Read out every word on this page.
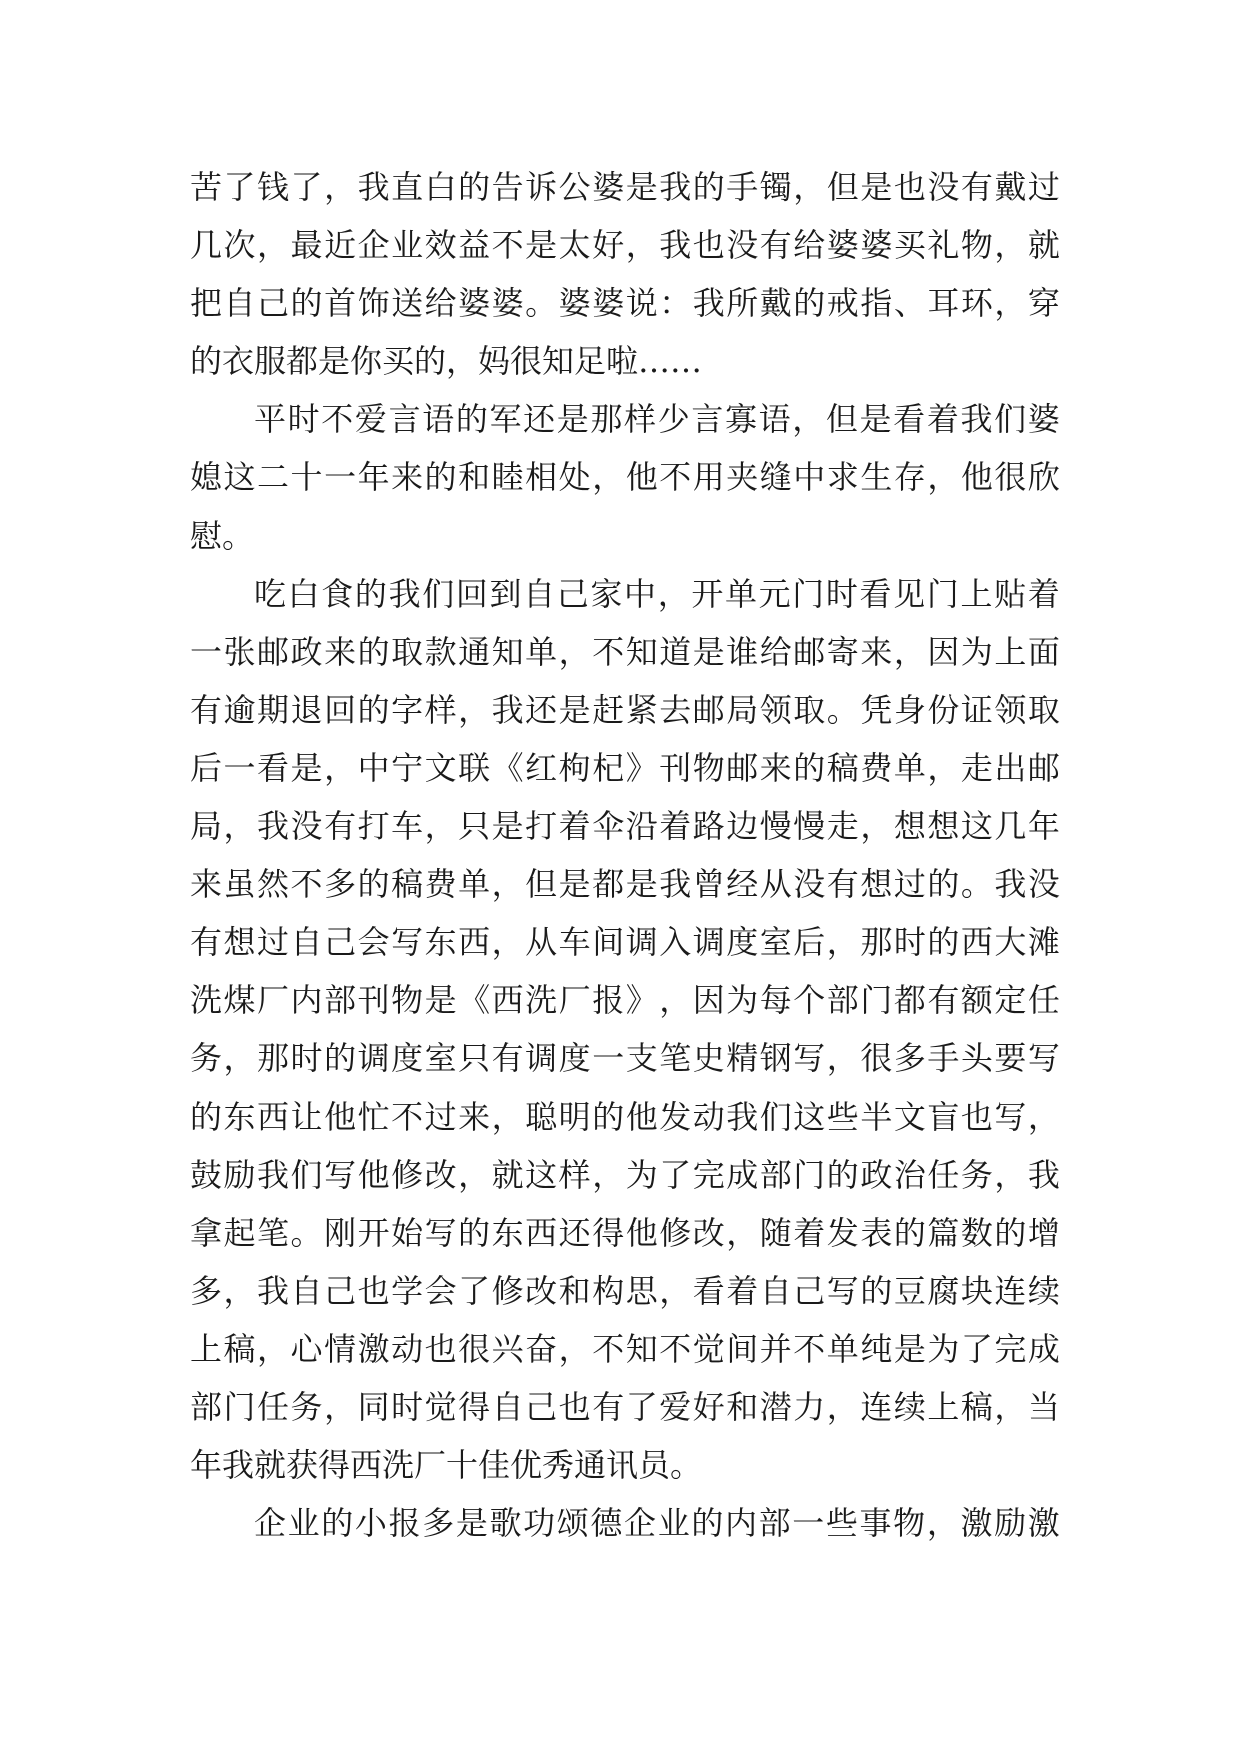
苦 了 钱 了 ， 我 直 白 的 告 诉 公 婆 是 我 的 手 镯 ， 但 是 也 没 有 戴 过
几 次 ， 最 近 企 业 效 益 不 是 太 好 ， 我 也 没 有 给 婆 婆 买 礼 物 ， 就
把 自 己 的 首 饰 送 给 婆 婆 。 婆 婆 说 ： 我 所 戴 的 戒 指 、 耳 环 ， 穿
的衣服都是你买的，妈很知足啦……
平 时 不 爱 言 语 的 军 还 是 那 样 少 言 寡 语 ， 但 是 看 着 我 们 婆
媳 这 二 十 一 年 来 的 和 睦 相 处 ， 他 不 用 夹 缝 中 求 生 存 ， 他 很 欣
慰。
吃 白 食 的 我 们 回 到 自 己 家 中 ， 开 单 元 门 时 看 见 门 上 贴 着
一 张 邮 政 来 的 取 款 通 知 单 ， 不 知 道 是 谁 给 邮 寄 来 ， 因 为 上 面
有 逾 期 退 回 的 字 样 ， 我 还 是 赶 紧 去 邮 局 领 取 。 凭 身 份 证 领 取
后 一 看 是 ， 中 宁 文 联 《 红 枸 杞 》 刊 物 邮 来 的 稿 费 单 ， 走 出 邮
局 ， 我 没 有 打 车 ， 只 是 打 着 伞 沿 着 路 边 慢 慢 走 ， 想 想 这 几 年
来 虽 然 不 多 的 稿 费 单 ， 但 是 都 是 我 曾 经 从 没 有 想 过 的 。 我 没
有 想 过 自 己 会 写 东 西 ， 从 车 间 调 入 调 度 室 后 ， 那 时 的 西 大 滩
洗 煤 厂 内 部 刊 物 是 《 西 洗 厂 报 》 ， 因 为 每 个 部 门 都 有 额 定 任
务 ， 那 时 的 调 度 室 只 有 调 度 一 支 笔 史 精 钢 写 ， 很 多 手 头 要 写
的 东 西 让 他 忙 不 过 来 ， 聪 明 的 他 发 动 我 们 这 些 半 文 盲 也 写 ，
鼓 励 我 们 写 他 修 改 ， 就 这 样 ， 为 了 完 成 部 门 的 政 治 任 务 ， 我
拿 起 笔 。 刚 开 始 写 的 东 西 还 得 他 修 改 ， 随 着 发 表 的 篇 数 的 增
多 ， 我 自 己 也 学 会 了 修 改 和 构 思 ， 看 着 自 己 写 的 豆 腐 块 连 续
上 稿 ， 心 情 激 动 也 很 兴 奋 ， 不 知 不 觉 间 并 不 单 纯 是 为 了 完 成
部 门 任 务 ， 同 时 觉 得 自 己 也 有 了 爱 好 和 潜 力 ， 连 续 上 稿 ， 当
年我就获得西洗厂十佳优秀通讯员。
企 业 的 小 报 多 是 歌 功 颂 德 企 业 的 内 部 一 些 事 物 ， 激 励 激
